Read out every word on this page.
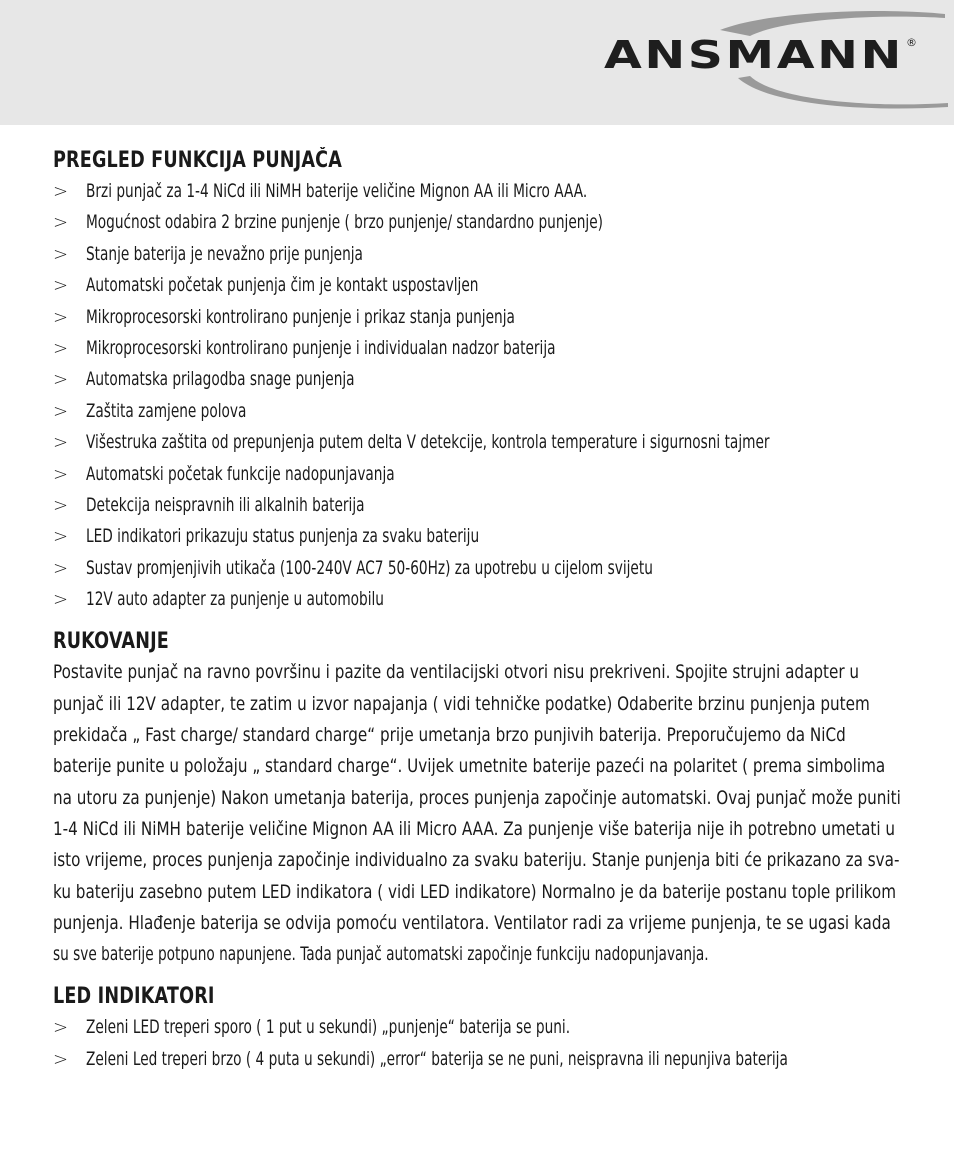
ANSMANN ®
PREGLED FUNKCIJA PUNJAČA
> Brzi punjač za 1-4 NiCd ili NiMH baterije veličine Mignon AA ili Micro AAA.
> Mogućnost odabira 2 brzine punjenje ( brzo punjenje/ standardno punjenje)
> Stanje baterija je nevažno prije punjenja
> Automatski početak punjenja čim je kontakt uspostavljen
> Mikroprocesorski kontrolirano punjenje i prikaz stanja punjenja
> Mikroprocesorski kontrolirano punjenje i individualan nadzor baterija
> Automatska prilagodba snage punjenja
> Zaštita zamjene polova
> Višestruka zaštita od prepunjenja putem delta V detekcije, kontrola temperature i sigurnosni tajmer
> Automatski početak funkcije nadopunjavanja
> Detekcija neispravnih ili alkalnih baterija
> LED indikatori prikazuju status punjenja za svaku bateriju
> Sustav promjenjivih utikača (100-240V AC7 50-60Hz) za upotrebu u cijelom svijetu
> 12V auto adapter za punjenje u automobilu
RUKOVANJE
Postavite punjač na ravno površinu i pazite da ventilacijski otvori nisu prekriveni. Spojite strujni adapter u
punjač ili 12V adapter, te zatim u izvor napajanja ( vidi tehničke podatke) Odaberite brzinu punjenja putem
prekidača „ Fast charge/ standard charge“ prije umetanja brzo punjivih baterija. Preporučujemo da NiCd
baterije punite u položaju „ standard charge“. Uvijek umetnite baterije pazeći na polaritet ( prema simbolima
na utoru za punjenje) Nakon umetanja baterija, proces punjenja započinje automatski. Ovaj punjač može puniti
1-4 NiCd ili NiMH baterije veličine Mignon AA ili Micro AAA. Za punjenje više baterija nije ih potrebno umetati u
isto vrijeme, proces punjenja započinje individualno za svaku bateriju. Stanje punjenja biti će prikazano za sva-
ku bateriju zasebno putem LED indikatora ( vidi LED indikatore) Normalno je da baterije postanu tople prilikom
punjenja. Hlađenje baterija se odvija pomoću ventilatora. Ventilator radi za vrijeme punjenja, te se ugasi kada
su sve baterije potpuno napunjene. Tada punjač automatski započinje funkciju nadopunjavanja.
LED INDIKATORI
> Zeleni LED treperi sporo ( 1 put u sekundi) „punjenje“ baterija se puni.
> Zeleni Led treperi brzo ( 4 puta u sekundi) „error“ baterija se ne puni, neispravna ili nepunjiva baterija
